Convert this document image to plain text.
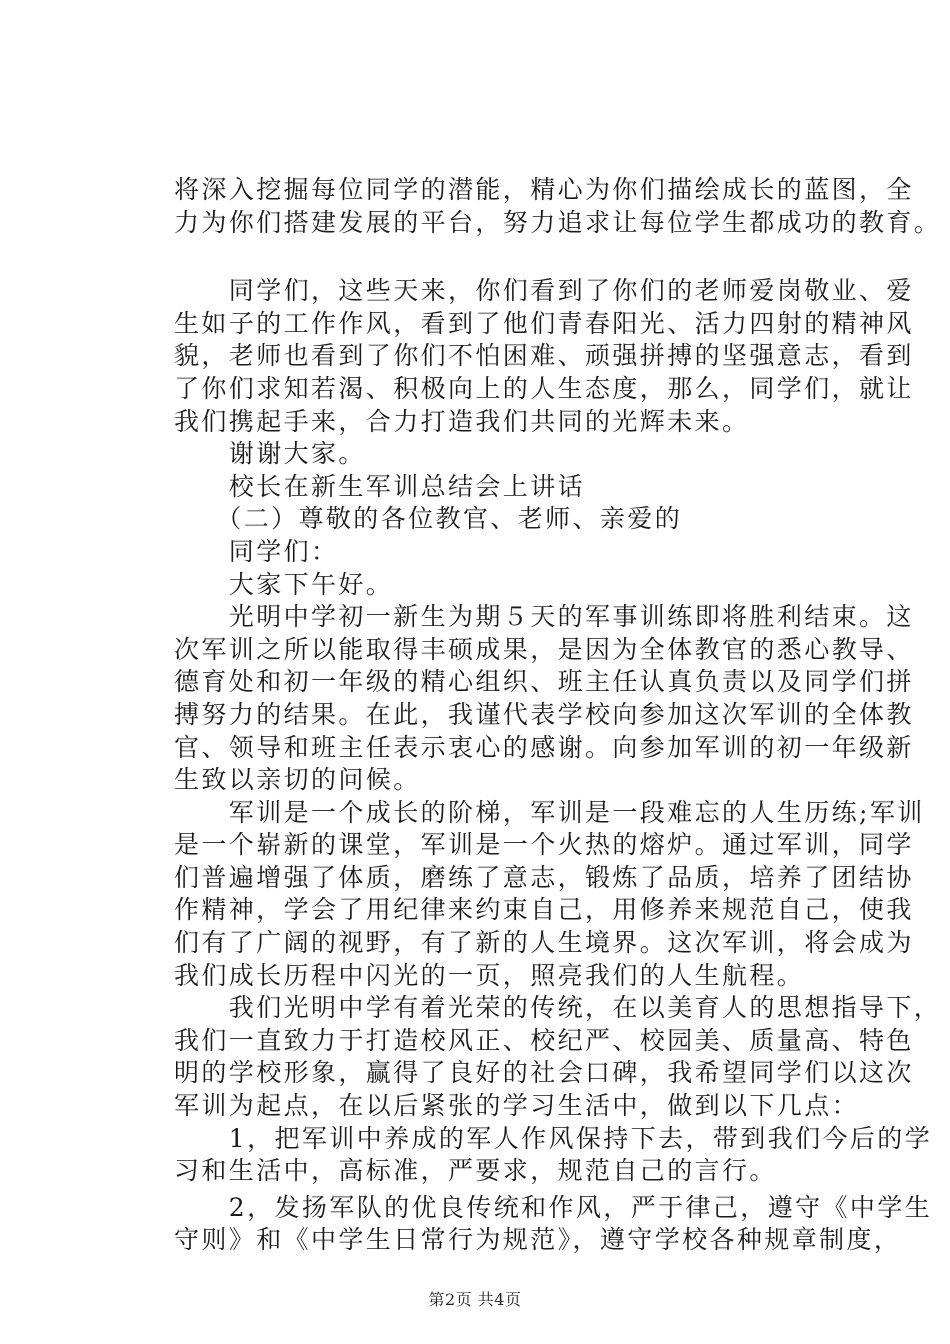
将深入挖掘每位同学的潜能，精心为你们描绘成长的蓝图，全

力为你们搭建发展的平台，努力追求让每位学生都成功的教育。

　　同学们，这些天来，你们看到了你们的老师爱岗敬业、爱

生如子的工作作风，看到了他们青春阳光、活力四射的精神风

貌，老师也看到了你们不怕困难、顽强拼搏的坚强意志，看到

了你们求知若渴、积极向上的人生态度，那么，同学们，就让

我们携起手来，合力打造我们共同的光辉未来。

　　谢谢大家。

　　校长在新生军训总结会上讲话

　　（二）尊敬的各位教官、老师、亲爱的

　　同学们：

　　大家下午好。

　　光明中学初一新生为期５天的军事训练即将胜利结束。这

次军训之所以能取得丰硕成果，是因为全体教官的悉心教导、

德育处和初一年级的精心组织、班主任认真负责以及同学们拼

搏努力的结果。在此，我谨代表学校向参加这次军训的全体教

官、领导和班主任表示衷心的感谢。向参加军训的初一年级新

生致以亲切的问候。

　　军训是一个成长的阶梯，军训是一段难忘的人生历练;军训

是一个崭新的课堂，军训是一个火热的熔炉。通过军训，同学

们普遍增强了体质，磨练了意志，锻炼了品质，培养了团结协

作精神，学会了用纪律来约束自己，用修养来规范自己，使我

们有了广阔的视野，有了新的人生境界。这次军训，将会成为

我们成长历程中闪光的一页，照亮我们的人生航程。

　　我们光明中学有着光荣的传统，在以美育人的思想指导下，

我们一直致力于打造校风正、校纪严、校园美、质量高、特色

明的学校形象，赢得了良好的社会口碑，我希望同学们以这次

军训为起点，在以后紧张的学习生活中，做到以下几点：

　　1，把军训中养成的军人作风保持下去，带到我们今后的学

习和生活中，高标准，严要求，规范自己的言行。

　　2，发扬军队的优良传统和作风，严于律己，遵守《中学生

守则》和《中学生日常行为规范》，遵守学校各种规章制度，

第2页 共4页
